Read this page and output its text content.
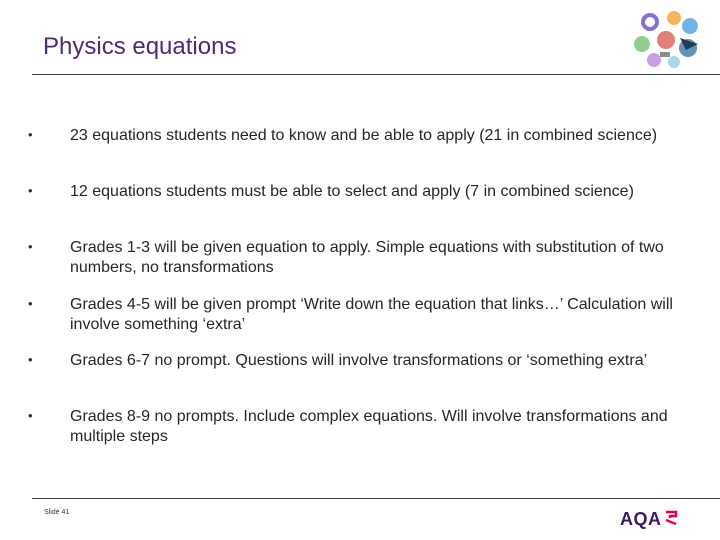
Physics equations
• 23 equations students need to know and be able to apply (21 in combined science)
• 12 equations students must be able to select and apply (7 in combined science)
• Grades 1-3 will be given equation to apply. Simple equations with substitution of two numbers, no transformations
• Grades 4-5 will be given prompt ‘Write down the equation that links…’ Calculation will involve something ‘extra’
• Grades 6-7 no prompt. Questions will involve transformations or ‘something extra’
• Grades 8-9 no prompts. Include complex equations. Will involve transformations and multiple steps
Slide 41	AQA
